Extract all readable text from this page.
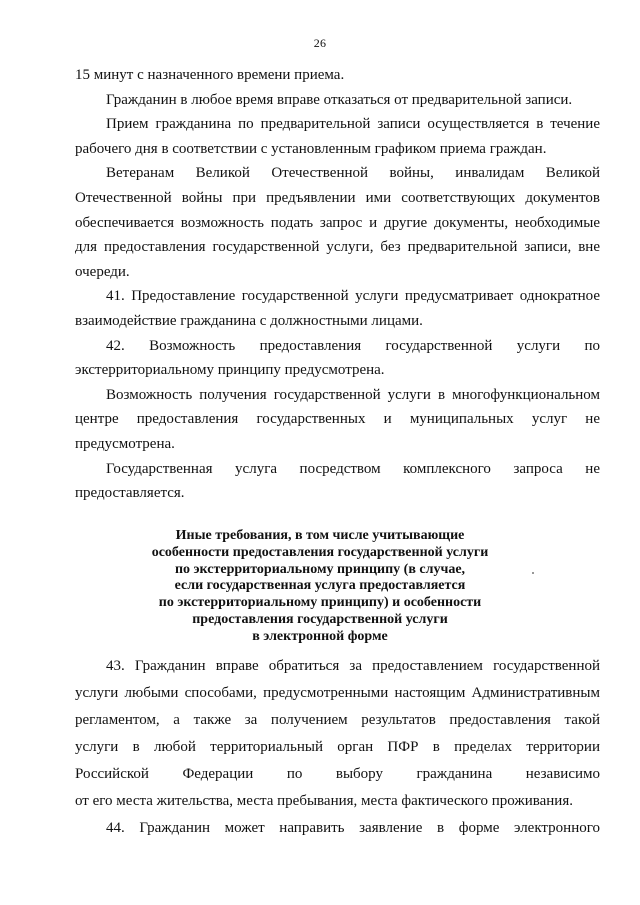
26

15 минут с назначенного времени приема.

Гражданин в любое время вправе отказаться от предварительной записи.

Прием гражданина по предварительной записи осуществляется в течение
рабочего дня в соответствии с установленным графиком приема граждан.

Ветеранам Великой Отечественной войны, инвалидам Великой
Отечественной войны при предъявлении ими соответствующих документов
обеспечивается возможность подать запрос и другие документы, необходимые
для предоставления государственной услуги, без предварительной записи, вне
очереди.

41. Предоставление государственной услуги предусматривает однократное
взаимодействие гражданина с должностными лицами.

42. Возможность предоставления государственной услуги по
экстерриториальному принципу предусмотрена.

Возможность получения государственной услуги в многофункциональном
центре предоставления государственных и муниципальных услуг не
предусмотрена.

Государственная услуга посредством комплексного запроса не
предоставляется.

Иные требования, в том числе учитывающие
особенности предоставления государственной услуги
по экстерриториальному принципу (в случае,
если государственная услуга предоставляется
по экстерриториальному принципу) и особенности
предоставления государственной услуги
в электронной форме

43. Гражданин вправе обратиться за предоставлением государственной
услуги любыми способами, предусмотренными настоящим Административным
регламентом, а также за получением результатов предоставления такой
услуги в любой территориальный орган ПФР в пределах территории
Российской Федерации по выбору гражданина независимо
от его места жительства, места пребывания, места фактического проживания.

44. Гражданин может направить заявление в форме электронного
